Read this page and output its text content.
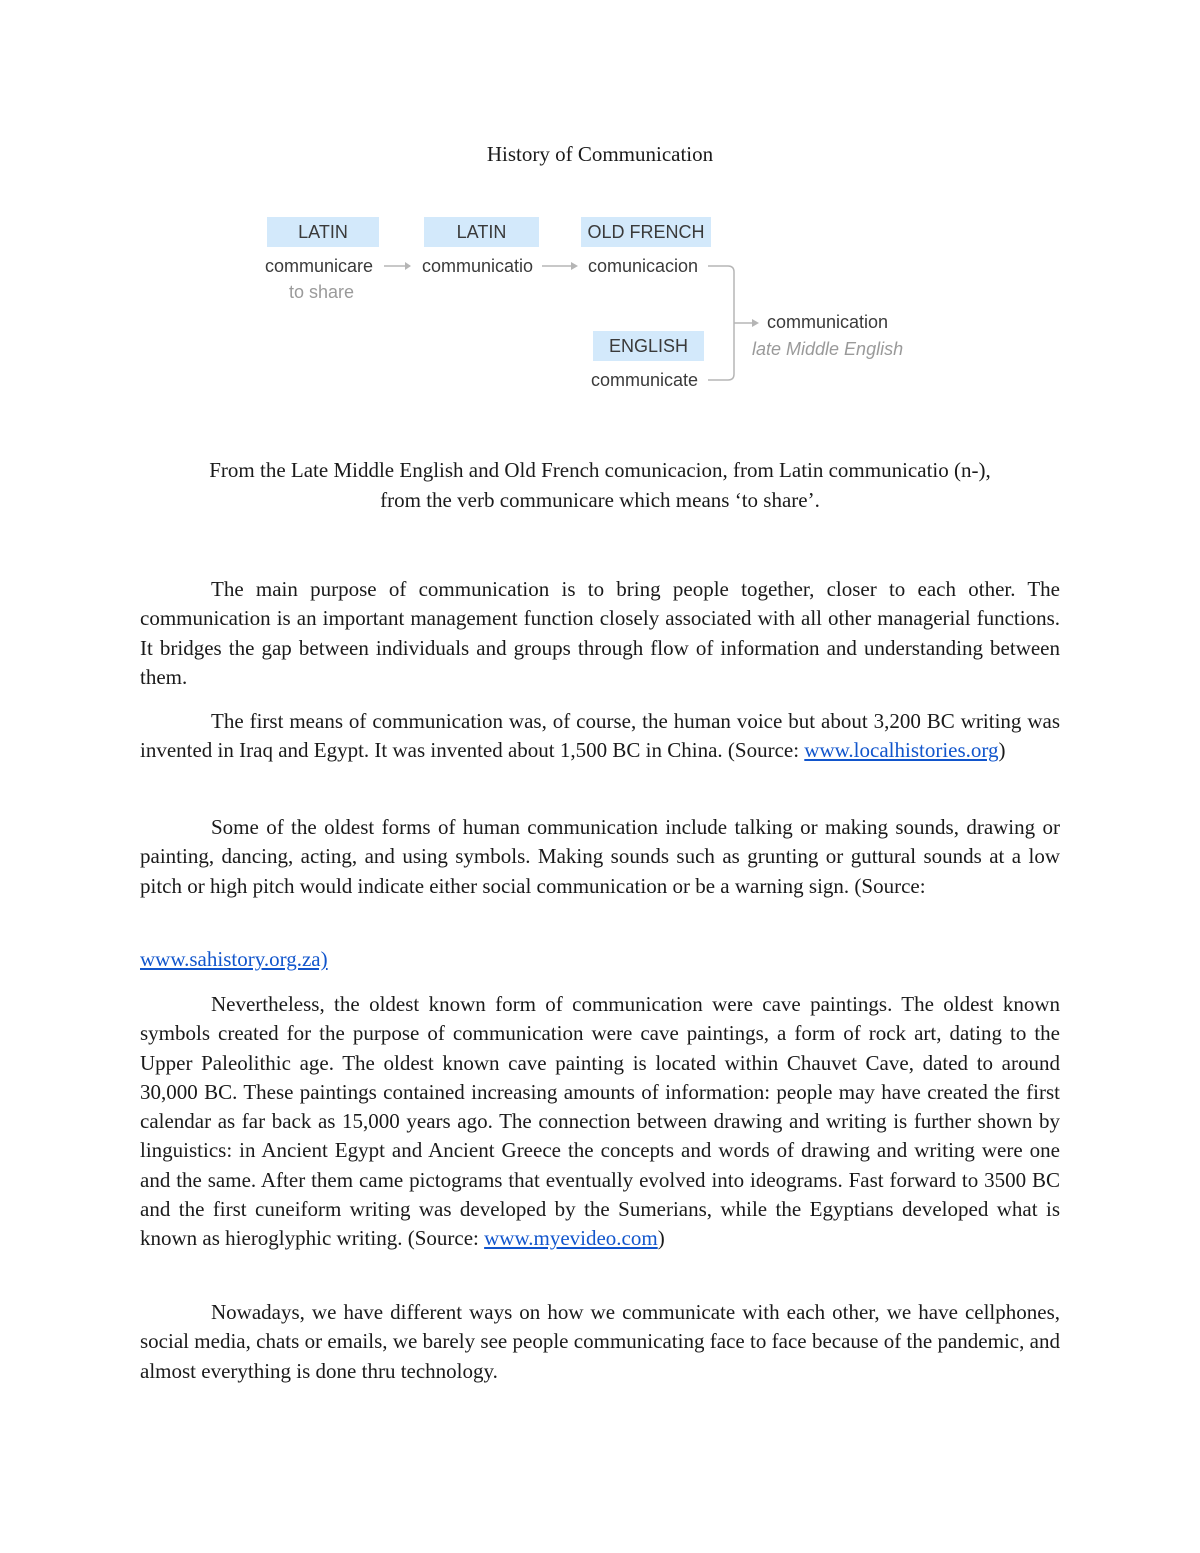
History of Communication
LATIN
communicare
to share
LATIN
communicatio
OLD FRENCH
comunicacion
ENGLISH
communicate
communication
late Middle English

From the Late Middle English and Old French comunicacion, from Latin communicatio (n-),

from the verb communicare which means ‘to share’.

The main purpose of communication is to bring people together, closer to each other. The communication is an important management function closely associated with all other managerial functions. It bridges the gap between individuals and groups through flow of information and understanding between them.

The first means of communication was, of course, the human voice but about 3,200 BC writing was invented in Iraq and Egypt. It was invented about 1,500 BC in China. (Source: www.localhistories.org)

Some of the oldest forms of human communication include talking or making sounds, drawing or painting, dancing, acting, and using symbols. Making sounds such as grunting or guttural sounds at a low pitch or high pitch would indicate either social communication or be a warning sign. (Source:

www.sahistory.org.za)

Nevertheless, the oldest known form of communication were cave paintings. The oldest known symbols created for the purpose of communication were cave paintings, a form of rock art, dating to the Upper Paleolithic age. The oldest known cave painting is located within Chauvet Cave, dated to around 30,000 BC. These paintings contained increasing amounts of information: people may have created the first calendar as far back as 15,000 years ago. The connection between drawing and writing is further shown by linguistics: in Ancient Egypt and Ancient Greece the concepts and words of drawing and writing were one and the same. After them came pictograms that eventually evolved into ideograms. Fast forward to 3500 BC and the first cuneiform writing was developed by the Sumerians, while the Egyptians developed what is known as hieroglyphic writing. (Source: www.myevideo.com)

Nowadays, we have different ways on how we communicate with each other, we have cellphones, social media, chats or emails, we barely see people communicating face to face because of the pandemic, and almost everything is done thru technology.
